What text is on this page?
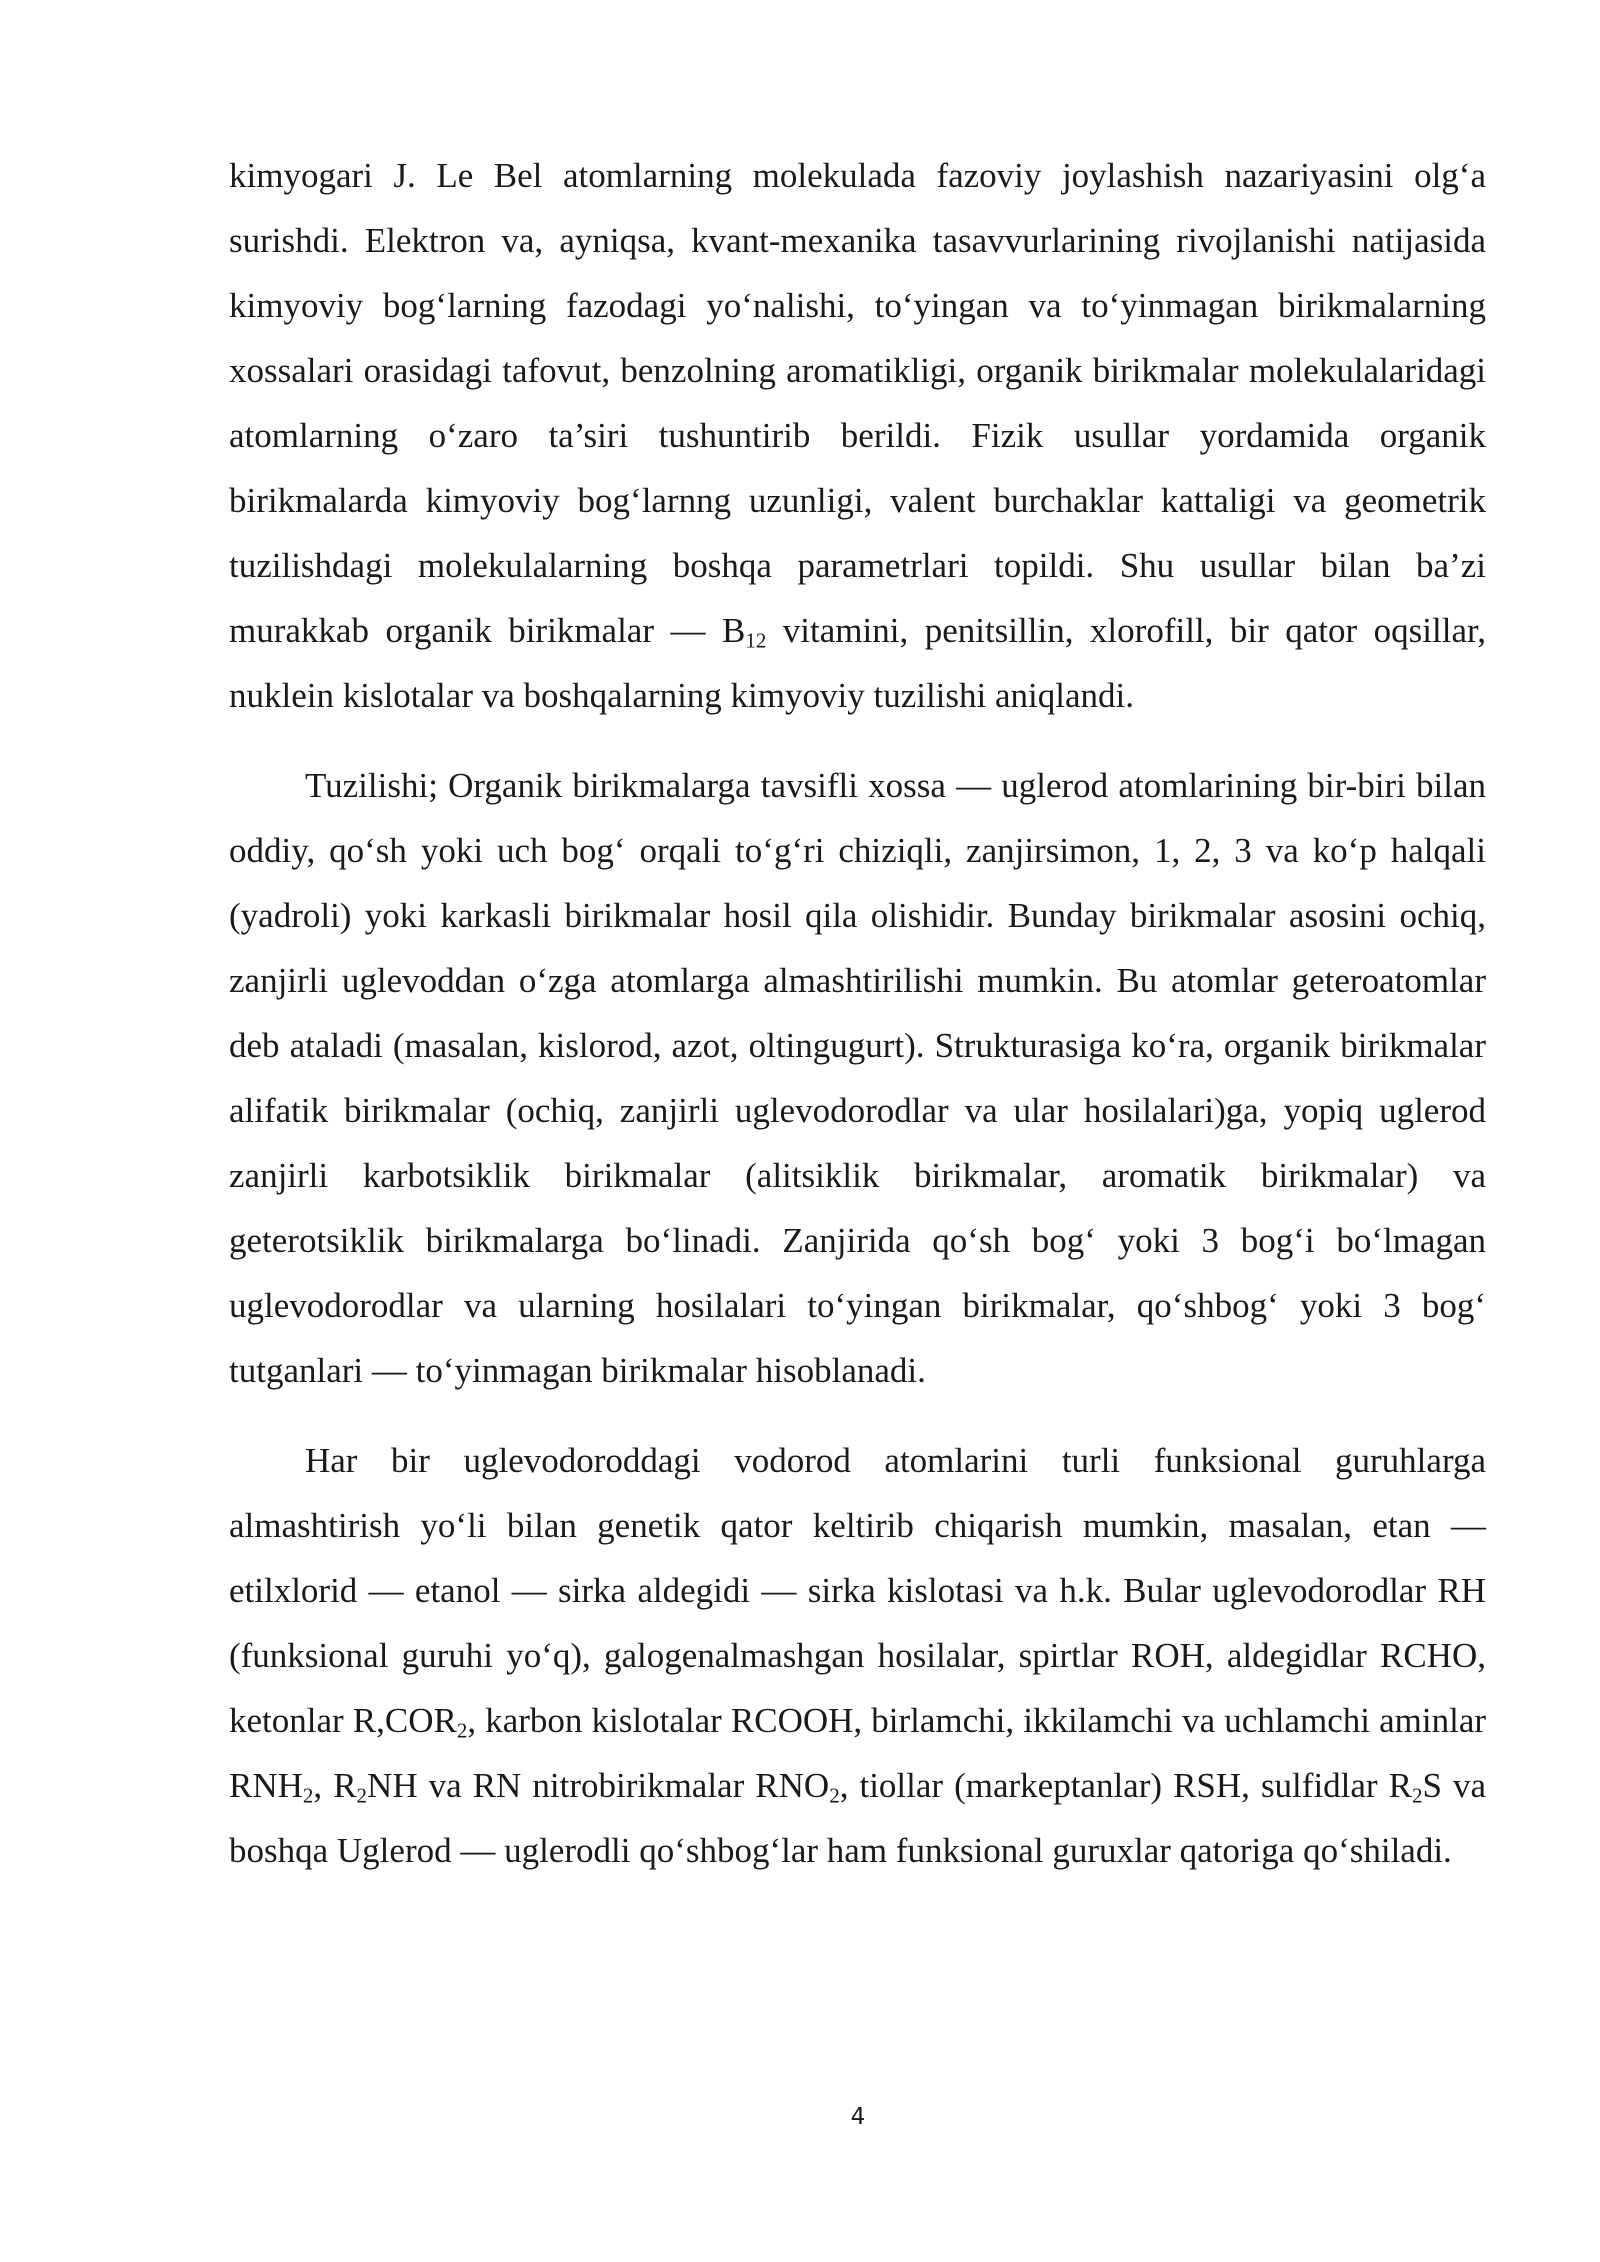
kimyogari J. Le Bel atomlarning molekulada fazoviy joylashish nazariyasini olg‘a surishdi. Elektron va, ayniqsa, kvant-mexanika tasavvurlarining rivojlanishi natijasida kimyoviy bog‘larning fazodagi yo‘nalishi, to‘yingan va to‘yinmagan birikmalarning xossalari orasidagi tafovut, benzolning aromatikligi, organik birikmalar molekulalaridagi atomlarning o‘zaro ta’siri tushuntirib berildi. Fizik usullar yordamida organik birikmalarda kimyoviy bog‘larnng uzunligi, valent burchaklar kattaligi va geometrik tuzilishdagi molekulalarning boshqa parametrlari topildi. Shu usullar bilan ba’zi murakkab organik birikmalar — $B_{12}$ vitamini, penitsillin, xlorofill, bir qator oqsillar, nuklein kislotalar va boshqalarning kimyoviy tuzilishi aniqlandi.

Tuzilishi; Organik birikmalarga tavsifli xossa — uglerod atomlarining bir-biri bilan oddiy, qo‘sh yoki uch bog‘ orqali to‘g‘ri chiziqli, zanjirsimon, 1, 2, 3 va ko‘p halqali (yadroli) yoki karkasli birikmalar hosil qila olishidir. Bunday birikmalar asosini ochiq, zanjirli uglevoddan o‘zga atomlarga almashtirilishi mumkin. Bu atomlar geteroatomlar deb ataladi (masalan, kislorod, azot, oltingugurt). Strukturasiga ko‘ra, organik birikmalar alifatik birikmalar (ochiq, zanjirli uglevodorodlar va ular hosilalari)ga, yopiq uglerod zanjirli karbotsiklik birikmalar (alitsiklik birikmalar, aromatik birikmalar) va geterotsiklik birikmalarga bo‘linadi. Zanjirida qo‘sh bog‘ yoki 3 bog‘i bo‘lmagan uglevodorodlar va ularning hosilalari to‘yingan birikmalar, qo‘shbog‘ yoki 3 bog‘ tutganlari — to‘yinmagan birikmalar hisoblanadi.

Har bir uglevodoroddagi vodorod atomlarini turli funksional guruhlarga almashtirish yo‘li bilan genetik qator keltirib chiqarish mumkin, masalan, etan — etilxlorid — etanol — sirka aldegidi — sirka kislotasi va h.k. Bular uglevodorodlar RH (funksional guruhi yo‘q), galogenalmashgan hosilalar, spirtlar ROH, aldegidlar RCHO, ketonlar $R,COR_2$, karbon kislotalar RCOOH, birlamchi, ikkilamchi va uchlamchi aminlar $RNH_2$, $R_2NH$ va RN nitrobirikmalar $RNO_2$, tiollar (markeptanlar) RSH, sulfidlar $R_2S$ va boshqa Uglerod — uglerodli qo‘shbog‘lar ham funksional guruxlar qatoriga qo‘shiladi.

4
